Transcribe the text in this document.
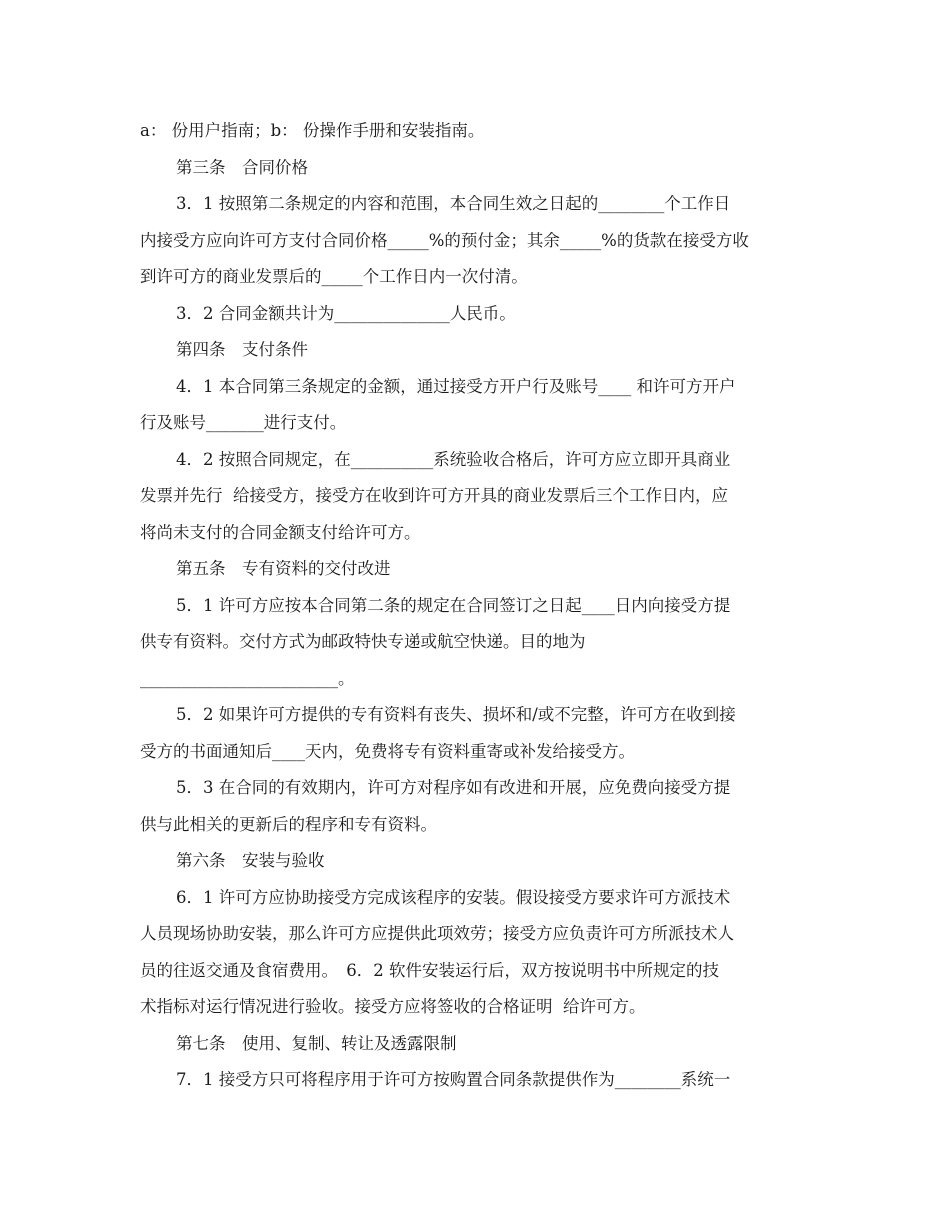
a： 份用户指南；b： 份操作手册和安装指南。
第三条　合同价格
3．1 按照第二条规定的内容和范围，本合同生效之日起的________个工作日
内接受方应向许可方支付合同价格_____%的预付金；其余_____%的货款在接受方收
到许可方的商业发票后的_____个工作日内一次付清。
3．2 合同金额共计为______________人民币。
第四条　支付条件
4．1 本合同第三条规定的金额，通过接受方开户行及账号____ 和许可方开户
行及账号_______进行支付。
4．2 按照合同规定，在__________系统验收合格后，许可方应立即开具商业
发票并先行  给接受方，接受方在收到许可方开具的商业发票后三个工作日内，应
将尚未支付的合同金额支付给许可方。
第五条　专有资料的交付改进
5．1 许可方应按本合同第二条的规定在合同签订之日起____日内向接受方提
供专有资料。交付方式为邮政特快专递或航空快递。目的地为
________________________。
5．2 如果许可方提供的专有资料有丧失、损坏和/或不完整，许可方在收到接
受方的书面通知后____天内，免费将专有资料重寄或补发给接受方。
5．3 在合同的有效期内，许可方对程序如有改进和开展，应免费向接受方提
供与此相关的更新后的程序和专有资料。
第六条　安装与验收
6．1 许可方应协助接受方完成该程序的安装。假设接受方要求许可方派技术
人员现场协助安装，那么许可方应提供此项效劳；接受方应负责许可方所派技术人
员的往返交通及食宿费用。　6．2 软件安装运行后，双方按说明书中所规定的技
术指标对运行情况进行验收。接受方应将签收的合格证明  给许可方。
第七条　使用、复制、转让及透露限制
7．1 接受方只可将程序用于许可方按购置合同条款提供作为________系统一
